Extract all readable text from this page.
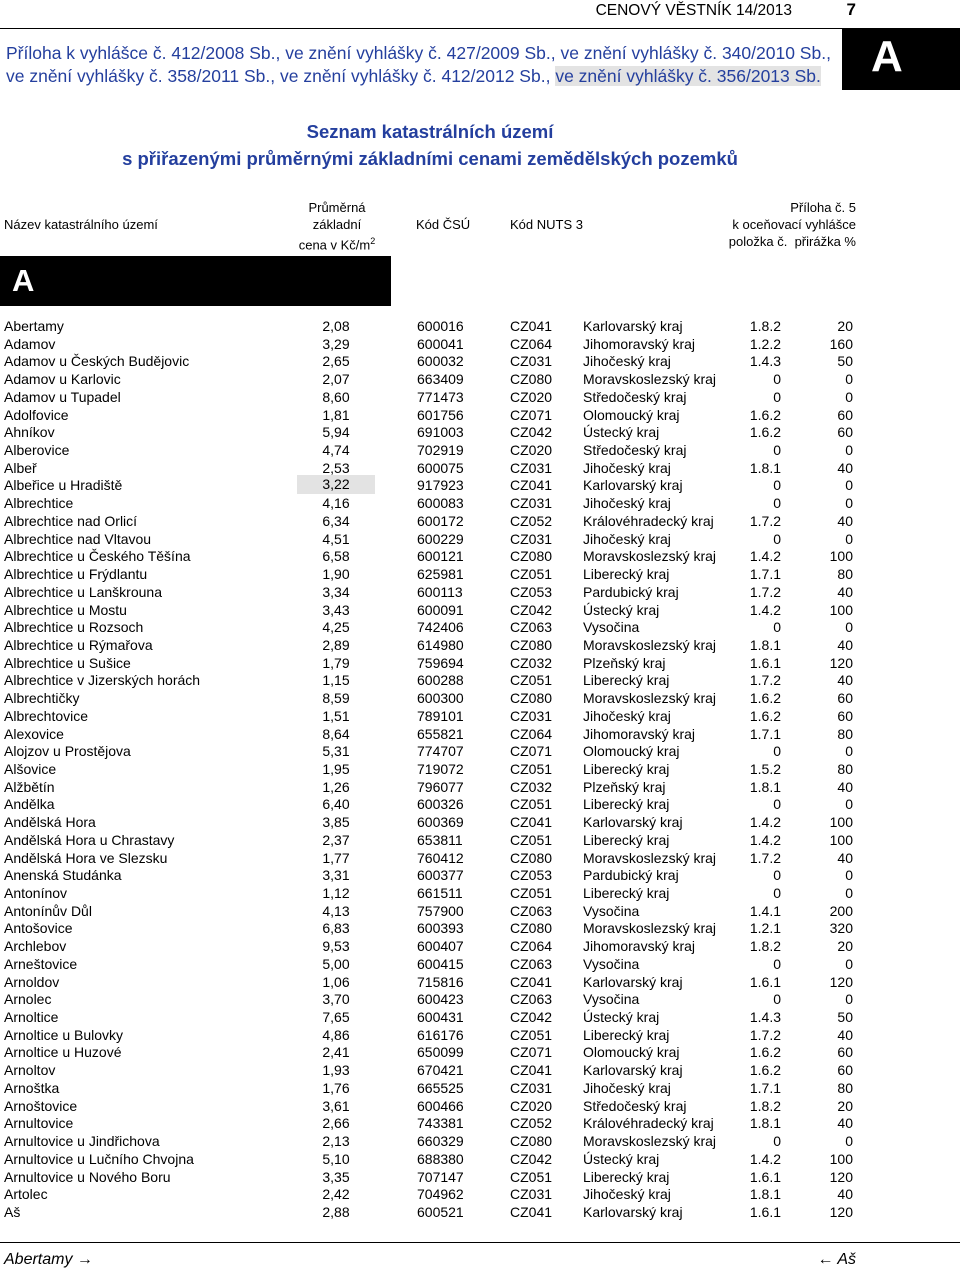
CENOVÝ VĚSTNÍK 14/2013	7
A
Příloha k vyhlášce č. 412/2008 Sb., ve znění vyhlášky č. 427/2009 Sb., ve znění vyhlášky č. 340/2010 Sb.,
ve znění vyhlášky č. 358/2011 Sb., ve znění vyhlášky č. 412/2012 Sb., ve znění vyhlášky č. 356/2013 Sb.
Seznam katastrálních území
s přiřazenými průměrnými základními cenami zemědělských pozemků
Název katastrálního území
Průměrná
základní
cena v $Kč/m^2$
Kód ČSÚ	Kód NUTS 3
Příloha č. 5
k oceňovací vyhlášce
položka č. přirážka %
A
Abertamy	2,08	600016	CZ041 Karlovarský kraj	1.8.2	20
Adamov	3,29	600041	CZ064 Jihomoravský kraj	1.2.2	160
Adamov u Českých Budějovic	2,65	600032	CZ031 Jihočeský kraj	1.4.3	50
Adamov u Karlovic	2,07	663409	CZ080 Moravskoslezský kraj	0	0
Adamov u Tupadel	8,60	771473	CZ020 Středočeský kraj	0	0
Adolfovice	1,81	601756	CZ071 Olomoucký kraj	1.6.2	60
Ahníkov	5,94	691003	CZ042 Ústecký kraj	1.6.2	60
Alberovice	4,74	702919	CZ020 Středočeský kraj	0	0
Albeř	2,53	600075	CZ031 Jihočeský kraj	1.8.1	40
Albeřice u Hradiště	3,22	917923	CZ041 Karlovarský kraj	0	0
Albrechtice	4,16	600083	CZ031 Jihočeský kraj	0	0
Albrechtice nad Orlicí	6,34	600172	CZ052 Královéhradecký kraj	1.7.2	40
Albrechtice nad Vltavou	4,51	600229	CZ031 Jihočeský kraj	0	0
Albrechtice u Českého Těšína	6,58	600121	CZ080 Moravskoslezský kraj	1.4.2	100
Albrechtice u Frýdlantu	1,90	625981	CZ051 Liberecký kraj	1.7.1	80
Albrechtice u Lanškrouna	3,34	600113	CZ053 Pardubický kraj	1.7.2	40
Albrechtice u Mostu	3,43	600091	CZ042 Ústecký kraj	1.4.2	100
Albrechtice u Rozsoch	4,25	742406	CZ063 Vysočina	0	0
Albrechtice u Rýmařova	2,89	614980	CZ080 Moravskoslezský kraj	1.8.1	40
Albrechtice u Sušice	1,79	759694	CZ032 Plzeňský kraj	1.6.1	120
Albrechtice v Jizerských horách	1,15	600288	CZ051 Liberecký kraj	1.7.2	40
Albrechtičky	8,59	600300	CZ080 Moravskoslezský kraj	1.6.2	60
Albrechtovice	1,51	789101	CZ031 Jihočeský kraj	1.6.2	60
Alexovice	8,64	655821	CZ064 Jihomoravský kraj	1.7.1	80
Alojzov u Prostějova	5,31	774707	CZ071 Olomoucký kraj	0	0
Alšovice	1,95	719072	CZ051 Liberecký kraj	1.5.2	80
Alžbětín	1,26	796077	CZ032 Plzeňský kraj	1.8.1	40
Andělka	6,40	600326	CZ051 Liberecký kraj	0	0
Andělská Hora	3,85	600369	CZ041 Karlovarský kraj	1.4.2	100
Andělská Hora u Chrastavy	2,37	653811	CZ051 Liberecký kraj	1.4.2	100
Andělská Hora ve Slezsku	1,77	760412	CZ080 Moravskoslezský kraj	1.7.2	40
Anenská Studánka	3,31	600377	CZ053 Pardubický kraj	0	0
Antonínov	1,12	661511	CZ051 Liberecký kraj	0	0
Antonínův Důl	4,13	757900	CZ063 Vysočina	1.4.1	200
Antošovice	6,83	600393	CZ080 Moravskoslezský kraj	1.2.1	320
Archlebov	9,53	600407	CZ064 Jihomoravský kraj	1.8.2	20
Arneštovice	5,00	600415	CZ063 Vysočina	0	0
Arnoldov	1,06	715816	CZ041 Karlovarský kraj	1.6.1	120
Arnolec	3,70	600423	CZ063 Vysočina	0	0
Arnoltice	7,65	600431	CZ042 Ústecký kraj	1.4.3	50
Arnoltice u Bulovky	4,86	616176	CZ051 Liberecký kraj	1.7.2	40
Arnoltice u Huzové	2,41	650099	CZ071 Olomoucký kraj	1.6.2	60
Arnoltov	1,93	670421	CZ041 Karlovarský kraj	1.6.2	60
Arnoštka	1,76	665525	CZ031 Jihočeský kraj	1.7.1	80
Arnoštovice	3,61	600466	CZ020 Středočeský kraj	1.8.2	20
Arnultovice	2,66	743381	CZ052 Královéhradecký kraj	1.8.1	40
Arnultovice u Jindřichova	2,13	660329	CZ080 Moravskoslezský kraj	0	0
Arnultovice u Lučního Chvojna	5,10	688380	CZ042 Ústecký kraj	1.4.2	100
Arnultovice u Nového Boru	3,35	707147	CZ051 Liberecký kraj	1.6.1	120
Artolec	2,42	704962	CZ031 Jihočeský kraj	1.8.1	40
Aš	2,88	600521	CZ041 Karlovarský kraj	1.6.1	120
Abertamy →	← Aš
